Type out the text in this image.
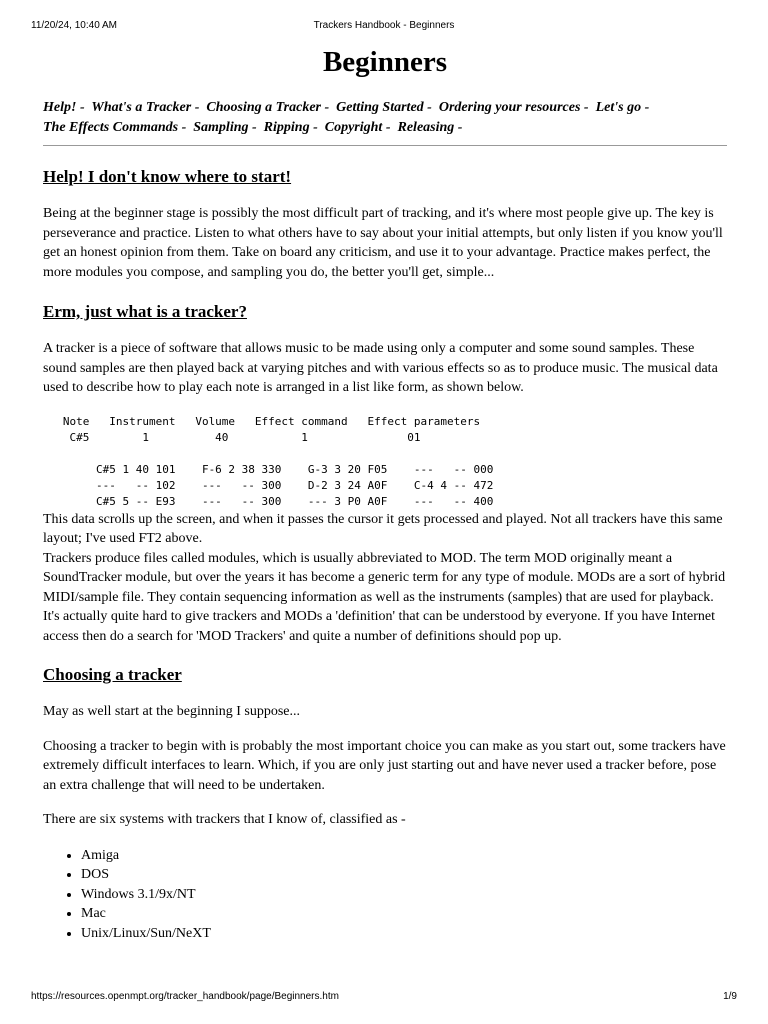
11/20/24, 10:40 AM	Trackers Handbook - Beginners
Beginners
Help! - What's a Tracker - Choosing a Tracker - Getting Started - Ordering your resources - Let's go -
The Effects Commands - Sampling - Ripping - Copyright - Releasing -
Help! I don't know where to start!

Being at the beginner stage is possibly the most difficult part of tracking, and it's where most people give up. The key is perseverance and practice. Listen to what others have to say about your initial attempts, but only listen if you know you'll get an honest opinion from them. Take on board any criticism, and use it to your advantage. Practice makes perfect, the more modules you compose, and sampling you do, the better you'll get, simple...

Erm, just what is a tracker?

A tracker is a piece of software that allows music to be made using only a computer and some sound samples. These sound samples are then played back at varying pitches and with various effects so as to produce music. The musical data used to describe how to play each note is arranged in a list like form, as shown below.

Note   Instrument   Volume   Effect command   Effect parameters
C#5        1          40           1               01

C#5 1 40 101    F-6 2 38 330    G-3 3 20 F05    ---   -- 000
---   -- 102    ---   -- 300    D-2 3 24 A0F    C-4 4 -- 472
C#5 5 -- E93    ---   -- 300    --- 3 P0 A0F    ---   -- 400

This data scrolls up the screen, and when it passes the cursor it gets processed and played. Not all trackers have this same layout; I've used FT2 above.

Trackers produce files called modules, which is usually abbreviated to MOD. The term MOD originally meant a SoundTracker module, but over the years it has become a generic term for any type of module. MODs are a sort of hybrid MIDI/sample file. They contain sequencing information as well as the instruments (samples) that are used for playback.

It's actually quite hard to give trackers and MODs a 'definition' that can be understood by everyone. If you have Internet access then do a search for 'MOD Trackers' and quite a number of definitions should pop up.

Choosing a tracker

May as well start at the beginning I suppose...

Choosing a tracker to begin with is probably the most important choice you can make as you start out, some trackers have extremely difficult interfaces to learn. Which, if you are only just starting out and have never used a tracker before, pose an extra challenge that will need to be undertaken.

There are six systems with trackers that I know of, classified as -

• Amiga
• DOS
• Windows 3.1/9x/NT
• Mac
• Unix/Linux/Sun/NeXT
https://resources.openmpt.org/tracker_handbook/page/Beginners.htm	1/9
